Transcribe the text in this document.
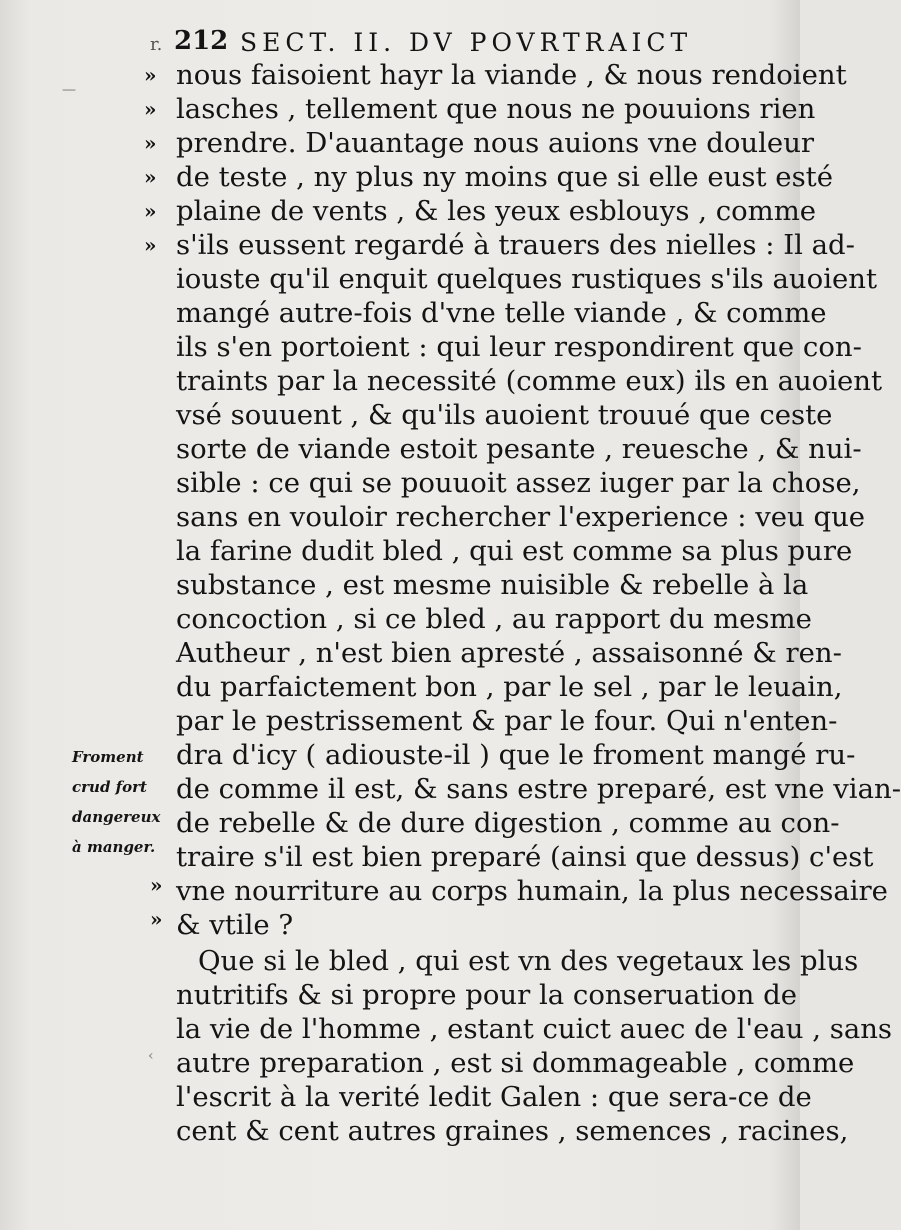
r. 212 SECT. II. DV POVRTRAICT
nous faisoient hayr la viande , & nous rendoient
lasches , tellement que nous ne pouuions rien
prendre. D'auantage nous auions vne douleur
de teste , ny plus ny moins que si elle eust esté
plaine de vents , & les yeux esblouys , comme
s'ils eussent regardé à trauers des nielles : Il ad-
iouste qu'il enquit quelques rustiques s'ils auoient
mangé autre-fois d'vne telle viande , & comme
ils s'en portoient : qui leur respondirent que con-
traints par la necessité (comme eux) ils en auoient
vsé souuent , & qu'ils auoient trouué que ceste
sorte de viande estoit pesante , reuesche , & nui-
sible : ce qui se pouuoit assez iuger par la chose,
sans en vouloir rechercher l'experience : veu que
la farine dudit bled , qui est comme sa plus pure
substance , est mesme nuisible & rebelle à la
concoction , si ce bled , au rapport du mesme
Autheur , n'est bien apresté , assaisonné & ren-
du parfaictement bon , par le sel , par le leuain,
par le pestrissement & par le four. Qui n'enten-
dra d'icy ( adiouste-il ) que le froment mangé ru-
de comme il est, & sans estre preparé, est vne vian-
de rebelle & de dure digestion , comme au con-
traire s'il est bien preparé (ainsi que dessus) c'est
vne nourriture au corps humain, la plus necessaire
& vtile ?
Que si le bled , qui est vn des vegetaux les plus
nutritifs & si propre pour la conseruation de
la vie de l'homme , estant cuict auec de l'eau , sans
autre preparation , est si dommageable , comme
l'escrit à la verité ledit Galen : que sera-ce de
cent & cent autres graines , semences , racines,
»
»
»
»
»
»
»
»
Froment
crud fort
dangereux
à manger.
—
‹
